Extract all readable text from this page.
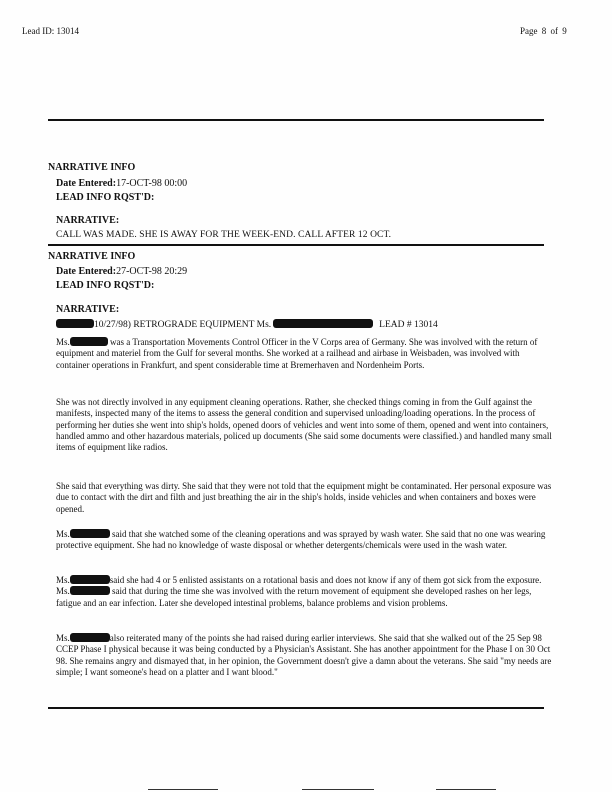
Lead ID: 13014	Page 8 of 9
NARRATIVE INFO
Date Entered:17-OCT-98 00:00
LEAD INFO RQST'D:
NARRATIVE:
CALL WAS MADE. SHE IS AWAY FOR THE WEEK-END. CALL AFTER 12 OCT.
NARRATIVE INFO
Date Entered:27-OCT-98 20:29
LEAD INFO RQST'D:
NARRATIVE:
10/27/98) RETROGRADE EQUIPMENT Ms.	LEAD # 13014

Ms.	was a Transportation Movements Control Officer in the V Corps area of Germany. She was involved with the return of equipment and materiel from the Gulf for several months. She worked at a railhead and airbase in Weisbaden, was involved with container operations in Frankfurt, and spent considerable time at Bremerhaven and Nordenheim Ports.

She was not directly involved in any equipment cleaning operations. Rather, she checked things coming in from the Gulf against the manifests, inspected many of the items to assess the general condition and supervised unloading/loading operations. In the process of performing her duties she went into ship's holds, opened doors of vehicles and went into some of them, opened and went into containers, handled ammo and other hazardous materials, policed up documents (She said some documents were classified.) and handled many small items of equipment like radios.

She said that everything was dirty. She said that they were not told that the equipment might be contaminated. Her personal exposure was due to contact with the dirt and filth and just breathing the air in the ship's holds, inside vehicles and when containers and boxes were opened.

Ms.	said that she watched some of the cleaning operations and was sprayed by wash water. She said that no one was wearing protective equipment. She had no knowledge of waste disposal or whether detergents/chemicals were used in the wash water.

Ms.	said she had 4 or 5 enlisted assistants on a rotational basis and does not know if any of them got sick from the exposure. Ms.	said that during the time she was involved with the return movement of equipment she developed rashes on her legs, fatigue and an ear infection. Later she developed intestinal problems, balance problems and vision problems.

Ms.	also reiterated many of the points she had raised during earlier interviews. She said that she walked out of the 25 Sep 98 CCEP Phase I physical because it was being conducted by a Physician's Assistant. She has another appointment for the Phase I on 30 Oct 98. She remains angry and dismayed that, in her opinion, the Government doesn't give a damn about the veterans. She said "my needs are simple; I want someone's head on a platter and I want blood."
